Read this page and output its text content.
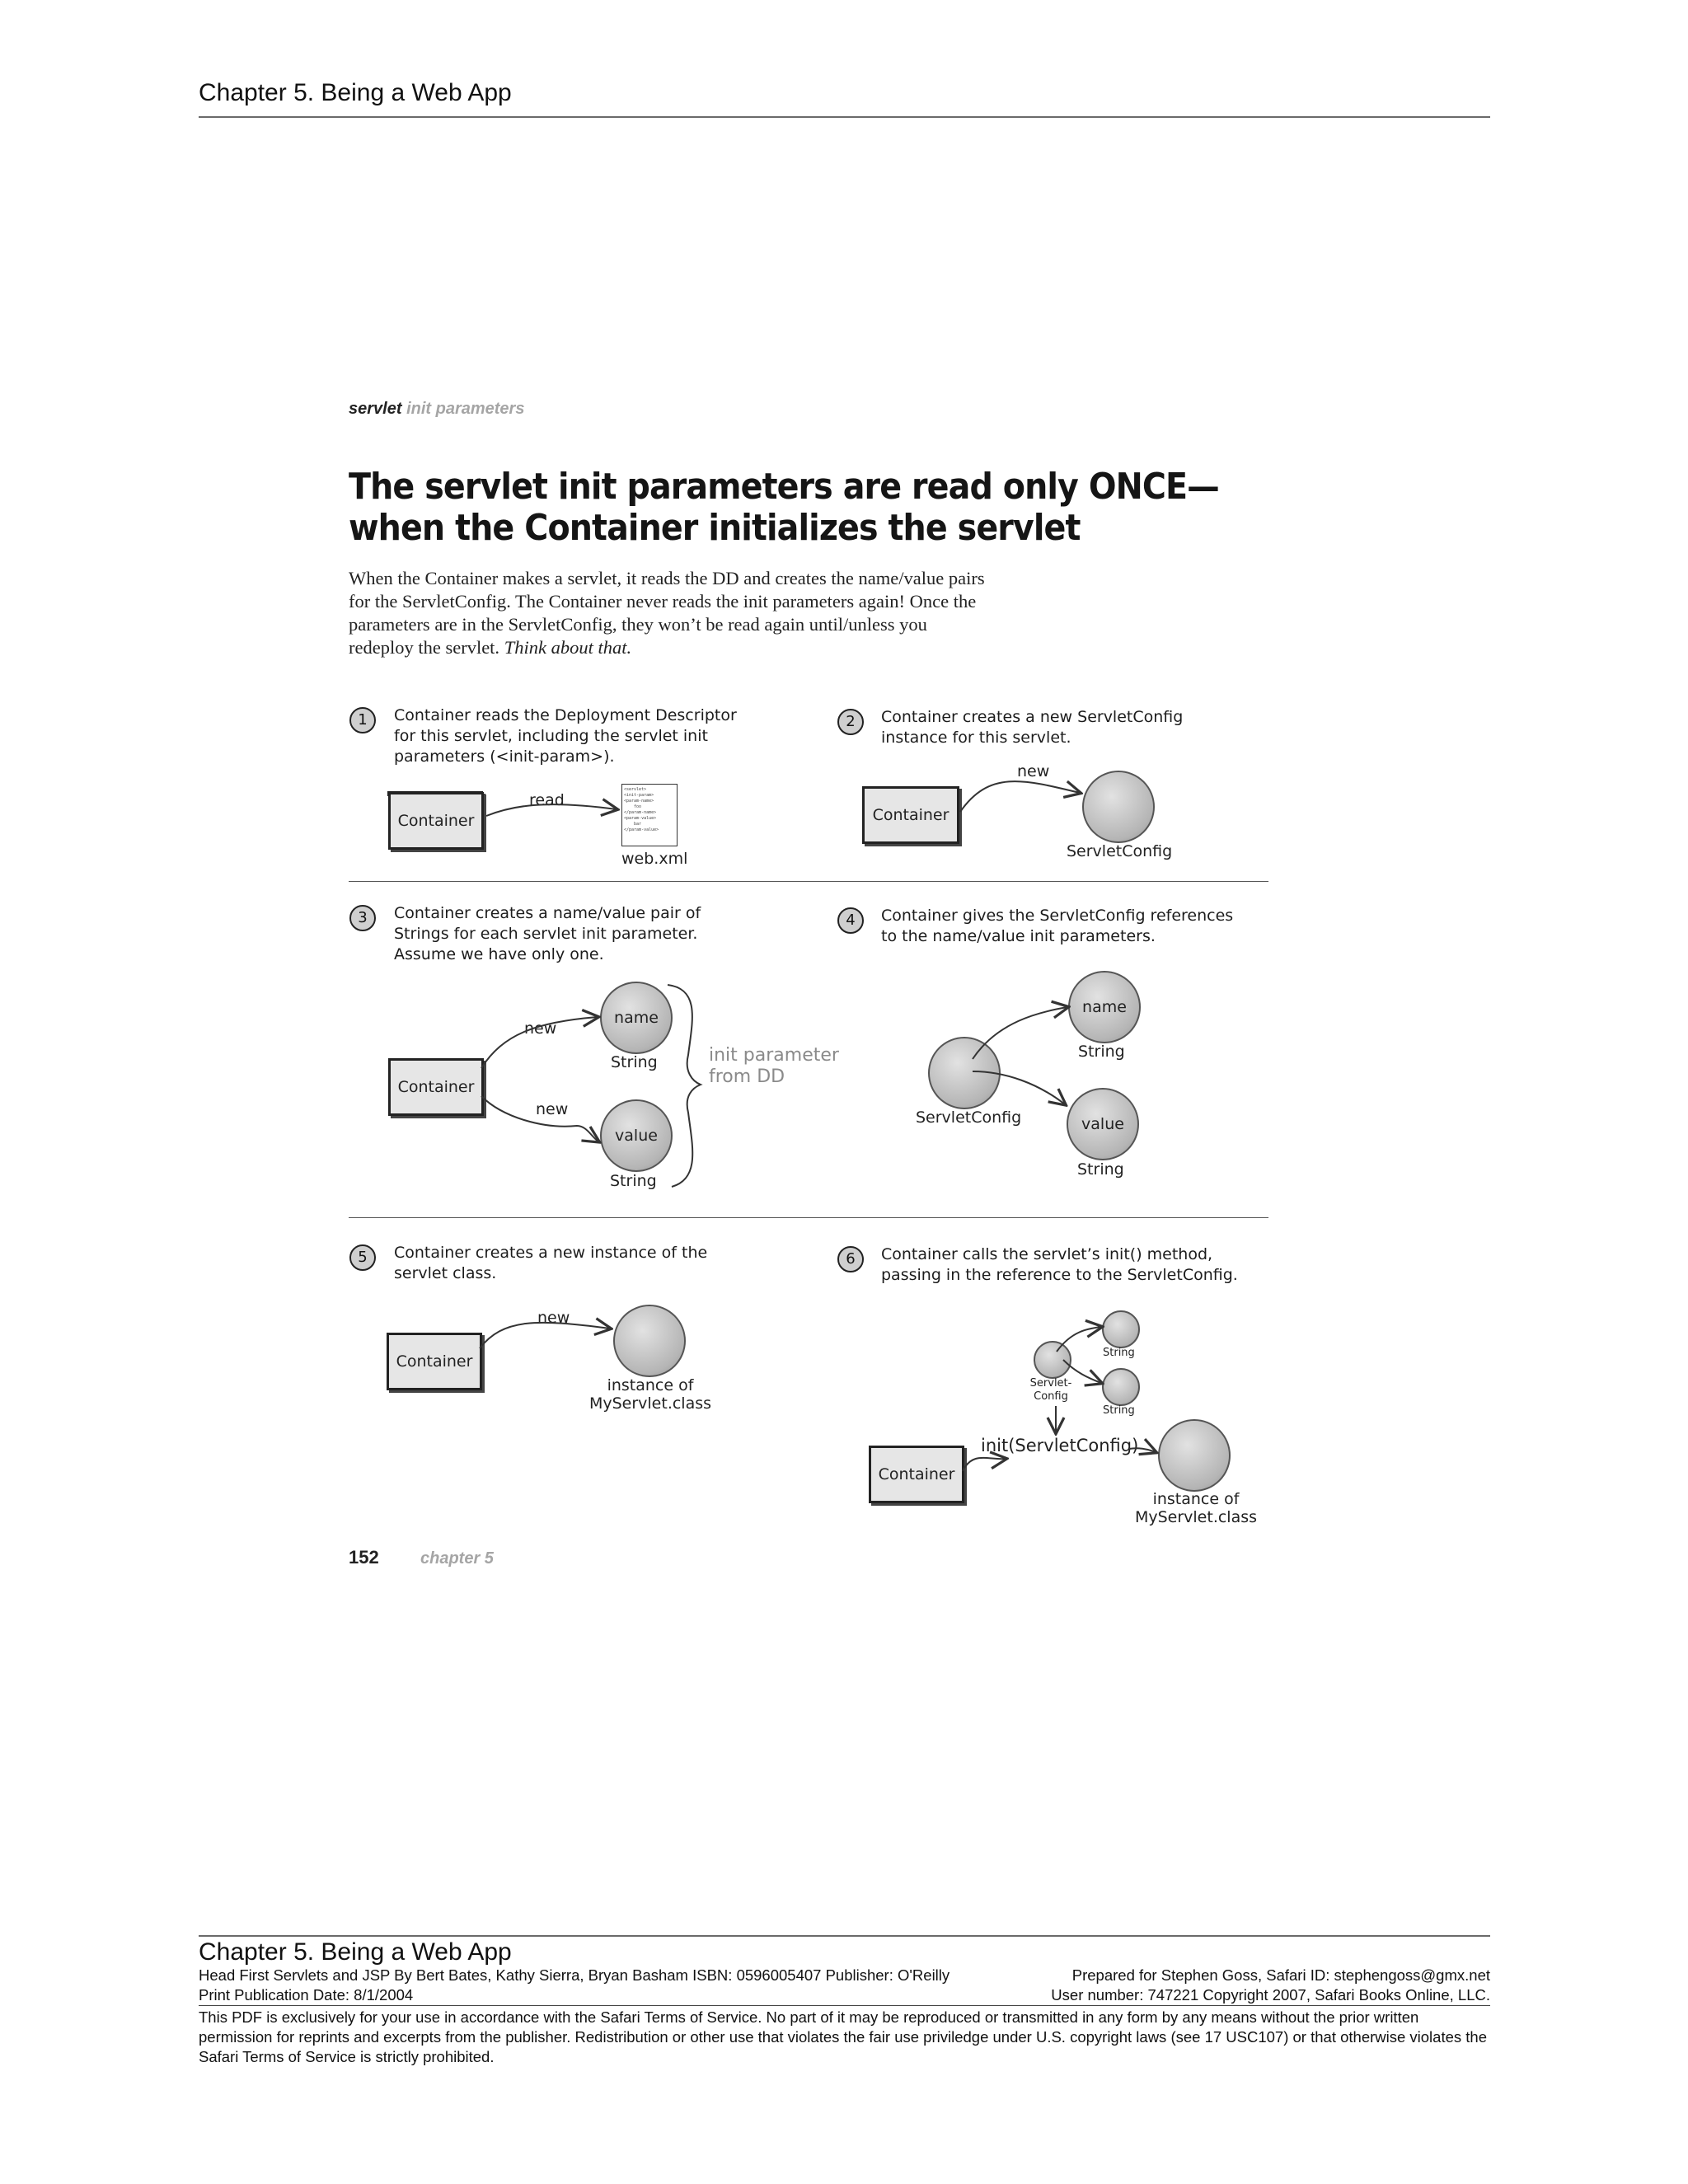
Chapter 5. Being a Web App
servlet init parameters
The servlet init parameters are read only ONCE—
when the Container initializes the servlet
When the Container makes a servlet, it reads the DD and creates the name/value pairs for the ServletConfig. The Container never reads the init parameters again! Once the parameters are in the ServletConfig, they won’t be read again until/unless you redeploy the servlet. Think about that.
1	Container reads the Deployment Descriptor
for this servlet, including the servlet init
parameters (<init-param>).
Container
read
<servlet>
<init-param>
<param-name>
foo
</param-name>
<param-value>
bar
</param-value>
web.xml
2	Container creates a new ServletConfig
instance for this servlet.
Container
new
ServletConfig
3	Container creates a name/value pair of
Strings for each servlet init parameter.
Assume we have only one.
Container
new
new
name
String
value
String
init parameter
from DD
4	Container gives the ServletConfig references
to the name/value init parameters.
ServletConfig
name
String
value
String
5	Container creates a new instance of the
servlet class.
Container
new
instance of
MyServlet.class
6	Container calls the servlet’s init() method,
passing in the reference to the ServletConfig.
String
Servlet-
Config
String
init(ServletConfig)
Container
instance of
MyServlet.class
152	chapter 5
Chapter 5. Being a Web App
Head First Servlets and JSP By Bert Bates, Kathy Sierra, Bryan Basham ISBN: 0596005407 Publisher: O'Reilly	Prepared for Stephen Goss, Safari ID: stephengoss@gmx.net
Print Publication Date: 8/1/2004	User number: 747221 Copyright 2007, Safari Books Online, LLC.
This PDF is exclusively for your use in accordance with the Safari Terms of Service. No part of it may be reproduced or transmitted in any form by any means without the prior written permission for reprints and excerpts from the publisher. Redistribution or other use that violates the fair use priviledge under U.S. copyright laws (see 17 USC107) or that otherwise violates the Safari Terms of Service is strictly prohibited.
